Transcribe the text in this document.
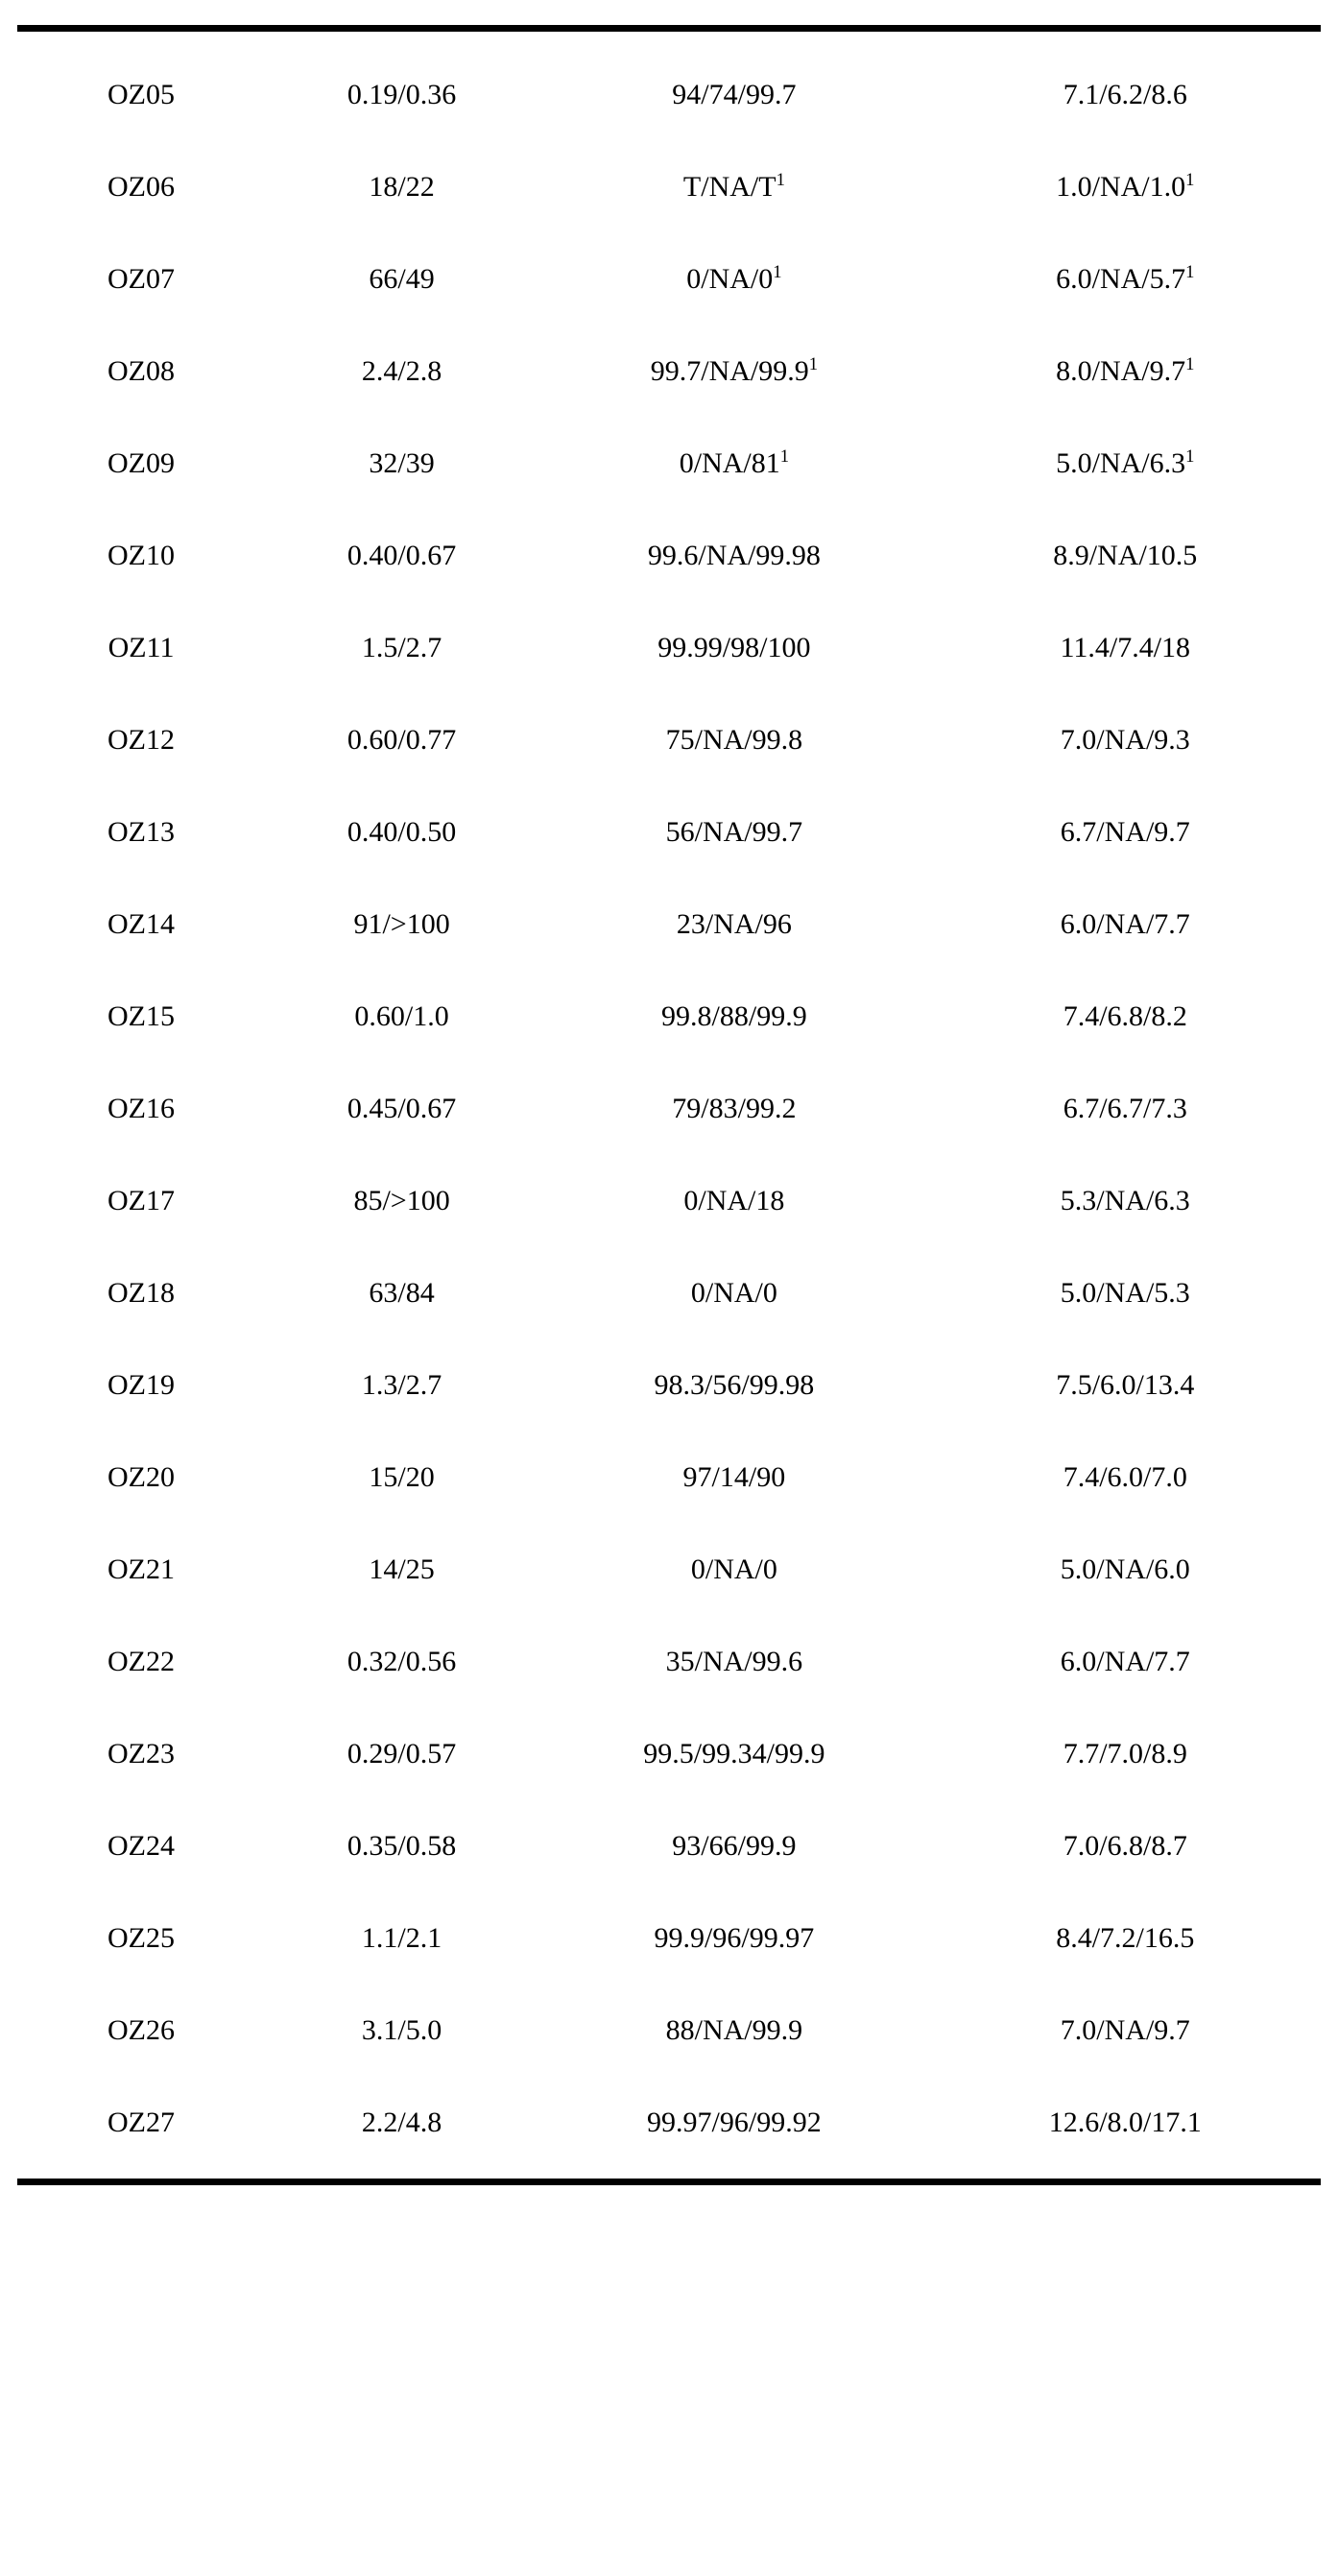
OZ05	0.19/0.36	94/74/99.7	7.1/6.2/8.6
OZ06	18/22	$T/NA/T^1$	$1.0/NA/1.0^1$
OZ07	66/49	$0/NA/0^1$	$6.0/NA/5.7^1$
OZ08	2.4/2.8	99.7/NA/99.9$^1$	$8.0/NA/9.7^1$
OZ09	32/39	$0/NA/81^1$	$5.0/NA/6.3^1$
OZ10	0.40/0.67	99.6/NA/99.98	8.9/NA/10.5
OZ11	1.5/2.7	99.99/98/100	11.4/7.4/18
OZ12	0.60/0.77	75/NA/99.8	7.0/NA/9.3
OZ13	0.40/0.50	56/NA/99.7	6.7/NA/9.7
OZ14	91/>100	23/NA/96	6.0/NA/7.7
OZ15	0.60/1.0	99.8/88/99.9	7.4/6.8/8.2
OZ16	0.45/0.67	79/83/99.2	6.7/6.7/7.3
OZ17	85/>100	0/NA/18	5.3/NA/6.3
OZ18	63/84	0/NA/0	5.0/NA/5.3
OZ19	1.3/2.7	98.3/56/99.98	7.5/6.0/13.4
OZ20	15/20	97/14/90	7.4/6.0/7.0
OZ21	14/25	0/NA/0	5.0/NA/6.0
OZ22	0.32/0.56	35/NA/99.6	6.0/NA/7.7
OZ23	0.29/0.57	99.5/99.34/99.9	7.7/7.0/8.9
OZ24	0.35/0.58	93/66/99.9	7.0/6.8/8.7
OZ25	1.1/2.1	99.9/96/99.97	8.4/7.2/16.5
OZ26	3.1/5.0	88/NA/99.9	7.0/NA/9.7
OZ27	2.2/4.8	99.97/96/99.92	12.6/8.0/17.1
